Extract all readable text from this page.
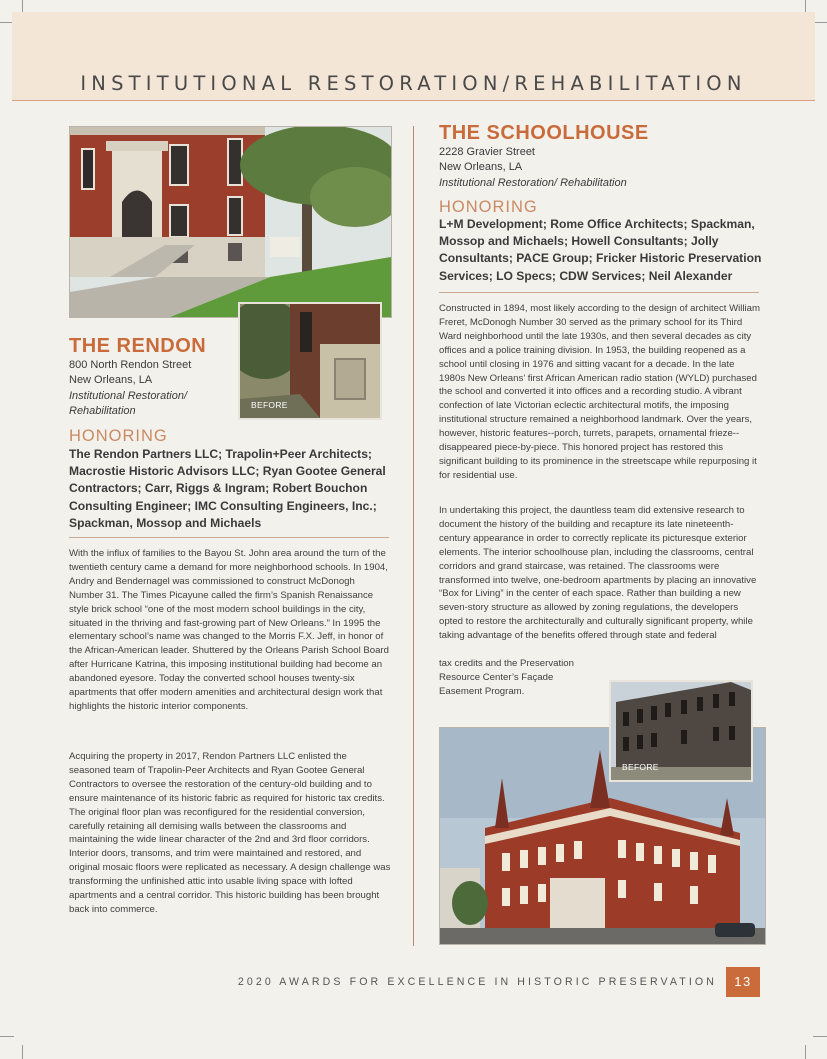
INSTITUTIONAL RESTORATION/REHABILITATION
BEFORE
THE RENDON
800 North Rendon Street
New Orleans, LA
Institutional Restoration/
Rehabilitation
HONORING
The Rendon Partners LLC; Trapolin+Peer Architects; Macrostie Historic Advisors LLC; Ryan Gootee General Contractors; Carr, Riggs & Ingram; Robert Bouchon Consulting Engineer; IMC Consulting Engineers, Inc.; Spackman, Mossop and Michaels

With the influx of families to the Bayou St. John area around the turn of the twentieth century came a demand for more neighborhood schools. In 1904, Andry and Bendernagel was commissioned to construct McDonogh Number 31. The Times Picayune called the firm’s Spanish Renaissance style brick school “one of the most modern school buildings in the city, situated in the thriving and fast-growing part of New Orleans.” In 1995 the elementary school’s name was changed to the Morris F.X. Jeff, in honor of the African-American leader. Shuttered by the Orleans Parish School Board after Hurricane Katrina, this imposing institutional building had become an abandoned eyesore. Today the converted school houses twenty-six apartments that offer modern amenities and architectural design work that highlights the historic interior components.

Acquiring the property in 2017, Rendon Partners LLC enlisted the seasoned team of Trapolin-Peer Architects and Ryan Gootee General Contractors to oversee the restoration of the century-old building and to ensure maintenance of its historic fabric as required for historic tax credits. The original floor plan was reconfigured for the residential conversion, carefully retaining all demising walls between the classrooms and maintaining the wide linear character of the 2nd and 3rd floor corridors. Interior doors, transoms, and trim were maintained and restored, and original mosaic floors were replicated as necessary. A design challenge was transforming the unfinished attic into usable living space with lofted apartments and a central corridor. This historic building has been brought back into commerce.

THE SCHOOLHOUSE
2228 Gravier Street
New Orleans, LA
Institutional Restoration/ Rehabilitation
HONORING
L+M Development; Rome Office Architects; Spackman, Mossop and Michaels; Howell Consultants; Jolly Consultants; PACE Group; Fricker Historic Preservation Services; LO Specs; CDW Services; Neil Alexander

Constructed in 1894, most likely according to the design of architect William Freret, McDonogh Number 30 served as the primary school for its Third Ward neighborhood until the late 1930s, and then several decades as city offices and a police training division. In 1953, the building reopened as a school until closing in 1976 and sitting vacant for a decade. In the late 1980s New Orleans’ first African American radio station (WYLD) purchased the school and converted it into offices and a recording studio. A vibrant confection of late Victorian eclectic architectural motifs, the imposing institutional structure remained a neighborhood landmark. Over the years, however, historic features--porch, turrets, parapets, ornamental frieze--disappeared piece-by-piece. This honored project has restored this significant building to its prominence in the streetscape while repurposing it for residential use.

In undertaking this project, the dauntless team did extensive research to document the history of the building and recapture its late nineteenth-century appearance in order to correctly replicate its picturesque exterior elements. The interior schoolhouse plan, including the classrooms, central corridors and grand staircase, was retained. The classrooms were transformed into twelve, one-bedroom apartments by placing an innovative “Box for Living” in the center of each space. Rather than building a new seven-story structure as allowed by zoning regulations, the developers opted to restore the architecturally and culturally significant property, while taking advantage of the benefits offered through state and federal

tax credits and the Preservation
Resource Center’s Façade
Easement Program.
BEFORE
2020 AWARDS FOR EXCELLENCE IN HISTORIC PRESERVATION	13
